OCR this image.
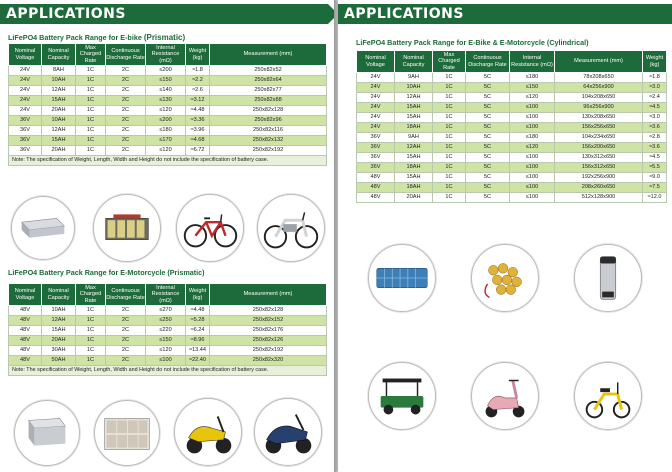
APPLICATIONS
LiFePO4 Battery Pack Range for E-bike (Prismatic)
Nominal Voltage	Nominal Capacity	Max Charged Rate	Continuous Discharge Rate	Internal Resistance (mΩ)	Weight (kg)	Measurement (mm)
24V	8AH	1C	2C	≤200	≈1.8	250x82x52
24V	10AH	1C	2C	≤150	≈2.2	250x82x64
24V	12AH	1C	2C	≤140	≈2.6	250x82x77
24V	15AH	1C	2C	≤130	≈3.12	250x82x88
24V	20AH	1C	2C	≤120	≈4.48	250x82x128
36V	10AH	1C	2C	≤200	≈3.36	250x82x96
36V	12AH	1C	2C	≤180	≈3.96	250x82x116
36V	15AH	1C	2C	≤170	≈4.68	250x82x132
36V	20AH	1C	2C	≤120	≈6.72	250x82x192
Note: The specification of Weight, Length, Width and Height do not include the specification of battery case.						
LiFePO4 Battery Pack Range for E-Motorcycle (Prismatic)
Nominal Voltage	Nominal Capacity	Max Charged Rate	Continuous Discharge Rate	Internal Resistance (mΩ)	Weight (kg)	Measurement (mm)
48V	10AH	1C	2C	≤270	≈4.48	250x82x128
48V	12AH	1C	2C	≤250	≈5.28	250x82x152
48V	15AH	1C	2C	≤220	≈6.24	250x82x176
48V	20AH	1C	2C	≤150	≈8.96	250x82x126
48V	30AH	1C	2C	≤120	≈13.44	250x82x192
48V	50AH	1C	2C	≤100	≈22.40	250x82x320
Note: The specification of Weight, Length, Width and Height do not include the specification of battery case.						
APPLICATIONS
LiFePO4 Battery Pack Range for E-Bike & E-Motorcycle (Cylindrical)
Nominal Voltage	Nominal Capacity	Max Charged Rate	Continuous Discharge Rate	Internal Resistance (mΩ)	Measurement (mm)	Weight (kg)
24V	9AH	1C	5C	≤180	78x208x650	≈1.8
24V	10AH	1C	5C	≤150	64x256x900	≈3.0
24V	12AH	1C	5C	≤120	104x208x650	≈2.4
24V	15AH	1C	5C	≤100	96x256x900	≈4.5
24V	15AH	1C	5C	≤100	130x208x650	≈3.0
24V	18AH	1C	5C	≤100	156x256x650	≈3.6
36V	9AH	1C	5C	≤180	104x234x650	≈2.8
36V	12AH	1C	5C	≤120	156x200x650	≈3.6
36V	15AH	1C	5C	≤100	130x312x650	≈4.5
36V	18AH	1C	5C	≤100	156x312x650	≈5.5
48V	15AH	1C	5C	≤100	192x256x900	≈9.0
48V	18AH	1C	5C	≤100	208x260x650	≈7.5
48V	20AH	1C	5C	≤100	512x128x900	≈12.0
